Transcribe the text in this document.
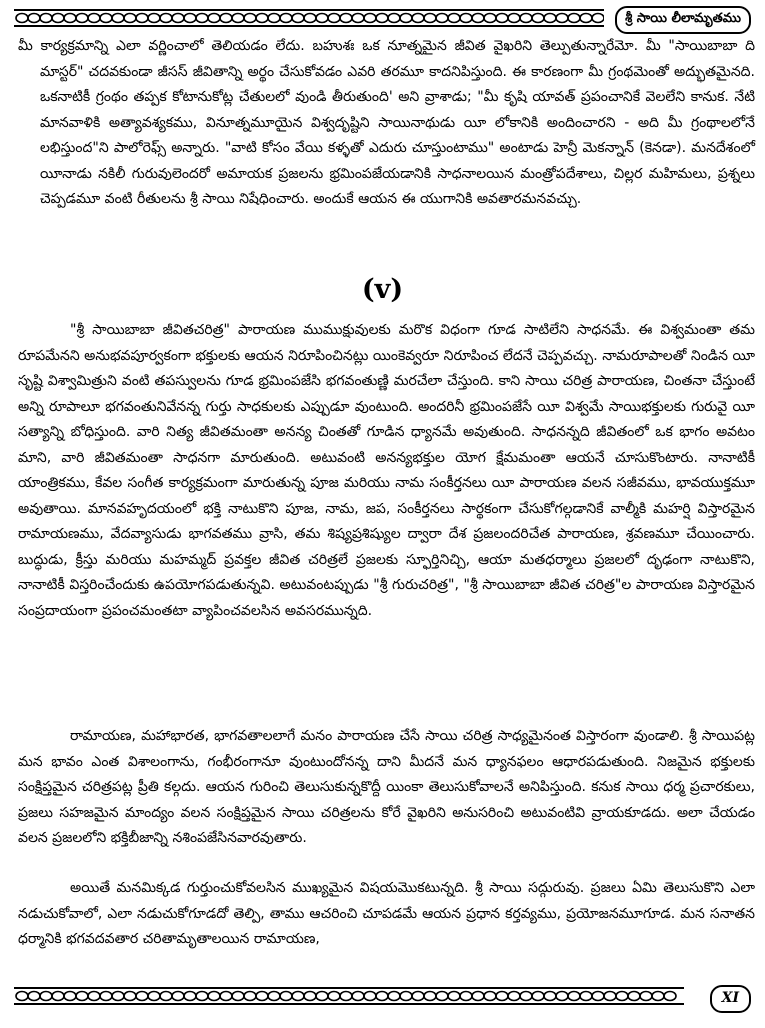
శ్రీ సాయి లీలామృతము

మీ కార్యక్రమాన్ని ఎలా వర్ణించాలో తెలియడం లేదు. బహుశః ఒక నూత్నమైన జీవిత వైఖరిని తెల్పుతున్నారేమో. మీ "సాయిబాబా ది మాస్టర్" చదవకుండా జీసస్ జీవితాన్ని అర్థం చేసుకోవడం ఎవరి తరమూ కాదనిపిస్తుంది. ఈ కారణంగా మీ గ్రంథమెంతో అద్భుతమైనది. ఒకనాటికీ గ్రంథం తప్పక కోటానుకోట్ల చేతులలో వుండి తీరుతుంది' అని వ్రాశాడు; "మీ కృషి యావత్ ప్రపంచానికే వెలలేని కానుక. నేటి మానవాళికి అత్యావశ్యకము, వినూత్నమూయైన విశ్వదృష్టిని సాయినాథుడు యీ లోకానికి అందించారని - అది మీ గ్రంథాలలోనే లభిస్తుంద"ని పాలోరెఫ్స్ అన్నారు. "వాటి కోసం వేయి కళ్ళతో ఎదురు చూస్తుంటాము" అంటాడు హెన్రీ మెకన్నాన్ (కెనడా). మనదేశంలో యీనాడు నకిలీ గురువులెందరో అమాయక ప్రజలను భ్రమింపజేయడానికి సాధనాలయిన మంత్రోపదేశాలు, చిల్లర మహిమలు, ప్రశ్నలు చెప్పడమూ వంటి రీతులను శ్రీ సాయి నిషేధించారు. అందుకే ఆయన ఈ యుగానికి అవతారమనవచ్చు.

(v)

"శ్రీ సాయిబాబా జీవితచరిత్ర" పారాయణ ముముక్షువులకు మరొక విధంగా గూడ సాటిలేని సాధనమే. ఈ విశ్వమంతా తమ రూపమేనని అనుభవపూర్వకంగా భక్తులకు ఆయన నిరూపించినట్లు యింకెవ్వరూ నిరూపించ లేదనే చెప్పవచ్చు. నామరూపాలతో నిండిన యీ సృష్టి విశ్వామిత్రుని వంటి తపస్వులను గూడ భ్రమింపజేసి భగవంతుణ్ణి మరచేలా చేస్తుంది. కాని సాయి చరిత్ర పారాయణ, చింతనా చేస్తుంటే అన్ని రూపాలూ భగవంతునివేనన్న గుర్తు సాధకులకు ఎప్పుడూ వుంటుంది. అందరినీ భ్రమింపజేసే యీ విశ్వమే సాయిభక్తులకు గురువై యీ సత్యాన్ని బోధిస్తుంది. వారి నిత్య జీవితమంతా అనన్య చింతతో గూడిన ధ్యానమే అవుతుంది. సాధనన్నది జీవితంలో ఒక భాగం అవటం మాని, వారి జీవితమంతా సాధనగా మారుతుంది. అటువంటి అనన్యభక్తుల యోగ క్షేమమంతా ఆయనే చూసుకొంటారు. నానాటికీ యాంత్రికము, కేవల సంగీత కార్యక్రమంగా మారుతున్న పూజ మరియు నామ సంకీర్తనలు యీ పారాయణ వలన సజీవము, భావయుక్తమూ అవుతాయి. మానవహృదయంలో భక్తి నాటుకొని పూజ, నామ, జప, సంకీర్తనలు సార్థకంగా చేసుకోగల్గడానికే వాల్మీకి మహర్షి విస్తారమైన రామాయణము, వేదవ్యాసుడు భాగవతము వ్రాసి, తమ శిష్యప్రశిష్యుల ద్వారా దేశ ప్రజలందరిచేత పారాయణ, శ్రవణమూ చేయించారు. బుద్ధుడు, క్రీస్తు మరియు మహమ్మద్ ప్రవక్తల జీవిత చరిత్రలే ప్రజలకు స్ఫూర్తినిచ్చి, ఆయా మతధర్మాలు ప్రజలలో దృఢంగా నాటుకొని, నానాటికీ విస్తరించేందుకు ఉపయోగపడుతున్నవి. అటువంటప్పుడు "శ్రీ గురుచరిత్ర", "శ్రీ సాయిబాబా జీవిత చరిత్ర"ల పారాయణ విస్తారమైన సంప్రదాయంగా ప్రపంచమంతటా వ్యాపించవలసిన అవసరమున్నది.

రామాయణ, మహాభారత, భాగవతాలలాగే మనం పారాయణ చేసే సాయి చరిత్ర సాధ్యమైనంత విస్తారంగా వుండాలి. శ్రీ సాయిపట్ల మన భావం ఎంత విశాలంగాను, గంభీరంగానూ వుంటుందోనన్న దాని మీదనే మన ధ్యానఫలం ఆధారపడుతుంది. నిజమైన భక్తులకు సంక్షిప్తమైన చరిత్రపట్ల ప్రీతి కల్గదు. ఆయన గురించి తెలుసుకున్నకొద్దీ యింకా తెలుసుకోవాలనే అనిపిస్తుంది. కనుక సాయి ధర్మ ప్రచారకులు, ప్రజలు సహజమైన మాంద్యం వలన సంక్షిప్తమైన సాయి చరిత్రలను కోరే వైఖరిని అనుసరించి అటువంటివి వ్రాయకూడదు. అలా చేయడం వలన ప్రజలలోని భక్తిబీజాన్ని నశింపజేసినవారవుతారు.

అయితే మనమిక్కడ గుర్తుంచుకోవలసిన ముఖ్యమైన విషయమొకటున్నది. శ్రీ సాయి సద్గురువు. ప్రజలు ఏమి తెలుసుకొని ఎలా నడుచుకోవాలో, ఎలా నడుచుకోగూడదో తెల్పి, తాము ఆచరించి చూపడమే ఆయన ప్రధాన కర్తవ్యము, ప్రయోజనమూగూడ. మన సనాతన ధర్మానికి భగవదవతార చరితామృతాలయిన రామాయణ,

XI
